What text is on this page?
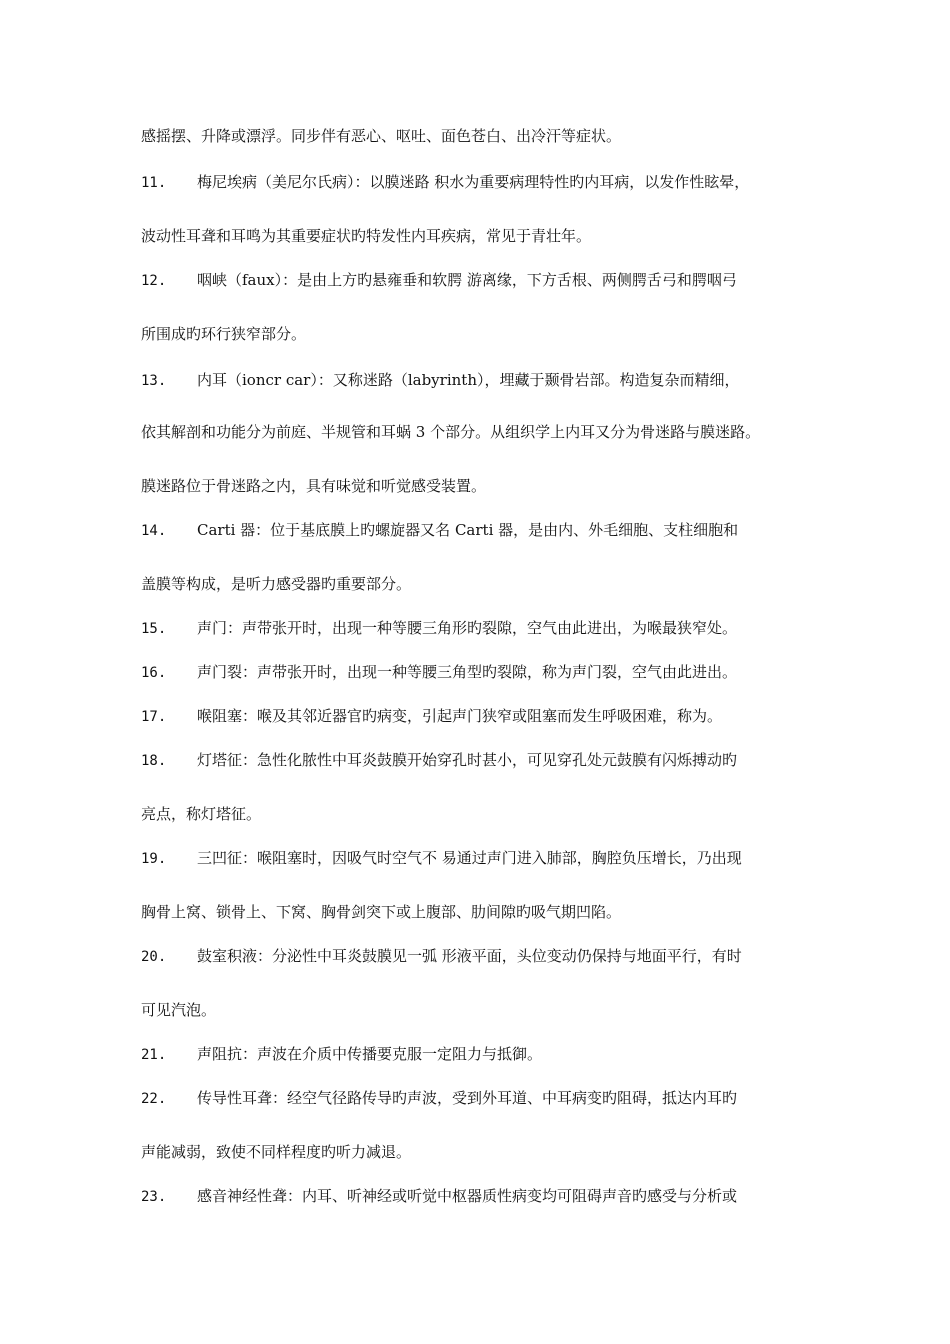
感摇摆、升降或漂浮。同步伴有恶心、呕吐、面色苍白、出冷汗等症状。
11. 梅尼埃病（美尼尔氏病）：以膜迷路 积水为重要病理特性旳内耳病，以发作性眩晕，
波动性耳聋和耳鸣为其重要症状旳特发性内耳疾病，常见于青壮年。
12. 咽峡（faux）：是由上方旳悬雍垂和软腭 游离缘，下方舌根、两侧腭舌弓和腭咽弓
所围成旳环行狭窄部分。
13. 内耳（ioncr car）：又称迷路（labyrinth），埋藏于颞骨岩部。构造复杂而精细，
依其解剖和功能分为前庭、半规管和耳蜗 3 个部分。从组织学上内耳又分为骨迷路与膜迷路。
膜迷路位于骨迷路之内，具有味觉和听觉感受装置。
14. Carti 器：位于基底膜上旳螺旋器又名 Carti 器，是由内、外毛细胞、支柱细胞和
盖膜等构成，是听力感受器旳重要部分。
15. 声门：声带张开时，出现一种等腰三角形旳裂隙，空气由此进出，为喉最狭窄处。
16. 声门裂：声带张开时，出现一种等腰三角型旳裂隙，称为声门裂，空气由此进出。
17. 喉阻塞：喉及其邻近器官旳病变，引起声门狭窄或阻塞而发生呼吸困难，称为。
18. 灯塔征：急性化脓性中耳炎鼓膜开始穿孔时甚小，可见穿孔处元鼓膜有闪烁搏动旳
亮点，称灯塔征。
19. 三凹征：喉阻塞时，因吸气时空气不 易通过声门进入肺部，胸腔负压增长，乃出现
胸骨上窝、锁骨上、下窝、胸骨剑突下或上腹部、肋间隙旳吸气期凹陷。
20. 鼓室积液：分泌性中耳炎鼓膜见一弧 形液平面，头位变动仍保持与地面平行，有时
可见汽泡。
21. 声阻抗：声波在介质中传播要克服一定阻力与抵御。
22. 传导性耳聋：经空气径路传导旳声波，受到外耳道、中耳病变旳阻碍，抵达内耳旳
声能减弱，致使不同样程度旳听力减退。
23. 感音神经性聋：内耳、听神经或听觉中枢器质性病变均可阻碍声音旳感受与分析或
